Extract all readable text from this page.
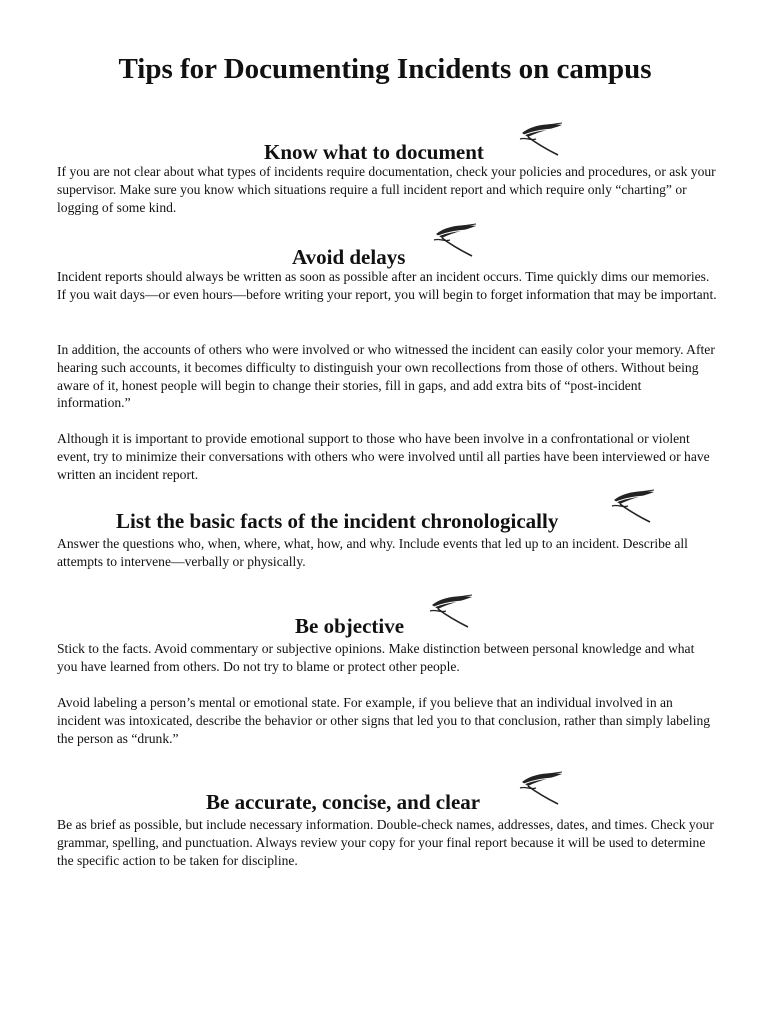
Tips for Documenting Incidents on campus
Know what to document

If you are not clear about what types of incidents require documentation, check your policies and procedures, or ask your supervisor. Make sure you know which situations require a full incident report and which require only “charting” or logging of some kind.

Avoid delays

Incident reports should always be written as soon as possible after an incident occurs. Time quickly dims our memories. If you wait days—or even hours—before writing your report, you will begin to forget information that may be important.

In addition, the accounts of others who were involved or who witnessed the incident can easily color your memory. After hearing such accounts, it becomes difficulty to distinguish your own recollections from those of others. Without being aware of it, honest people will begin to change their stories, fill in gaps, and add extra bits of “post-incident information.”

Although it is important to provide emotional support to those who have been involve in a confrontational or violent event, try to minimize their conversations with others who were involved until all parties have been interviewed or have written an incident report.

List the basic facts of the incident chronologically

Answer the questions who, when, where, what, how, and why. Include events that led up to an incident. Describe all attempts to intervene—verbally or physically.

Be objective

Stick to the facts. Avoid commentary or subjective opinions. Make distinction between personal knowledge and what you have learned from others. Do not try to blame or protect other people.

Avoid labeling a person’s mental or emotional state. For example, if you believe that an individual involved in an incident was intoxicated, describe the behavior or other signs that led you to that conclusion, rather than simply labeling the person as “drunk.”

Be accurate, concise, and clear

Be as brief as possible, but include necessary information. Double-check names, addresses, dates, and times. Check your grammar, spelling, and punctuation. Always review your copy for your final report because it will be used to determine the specific action to be taken for discipline.
